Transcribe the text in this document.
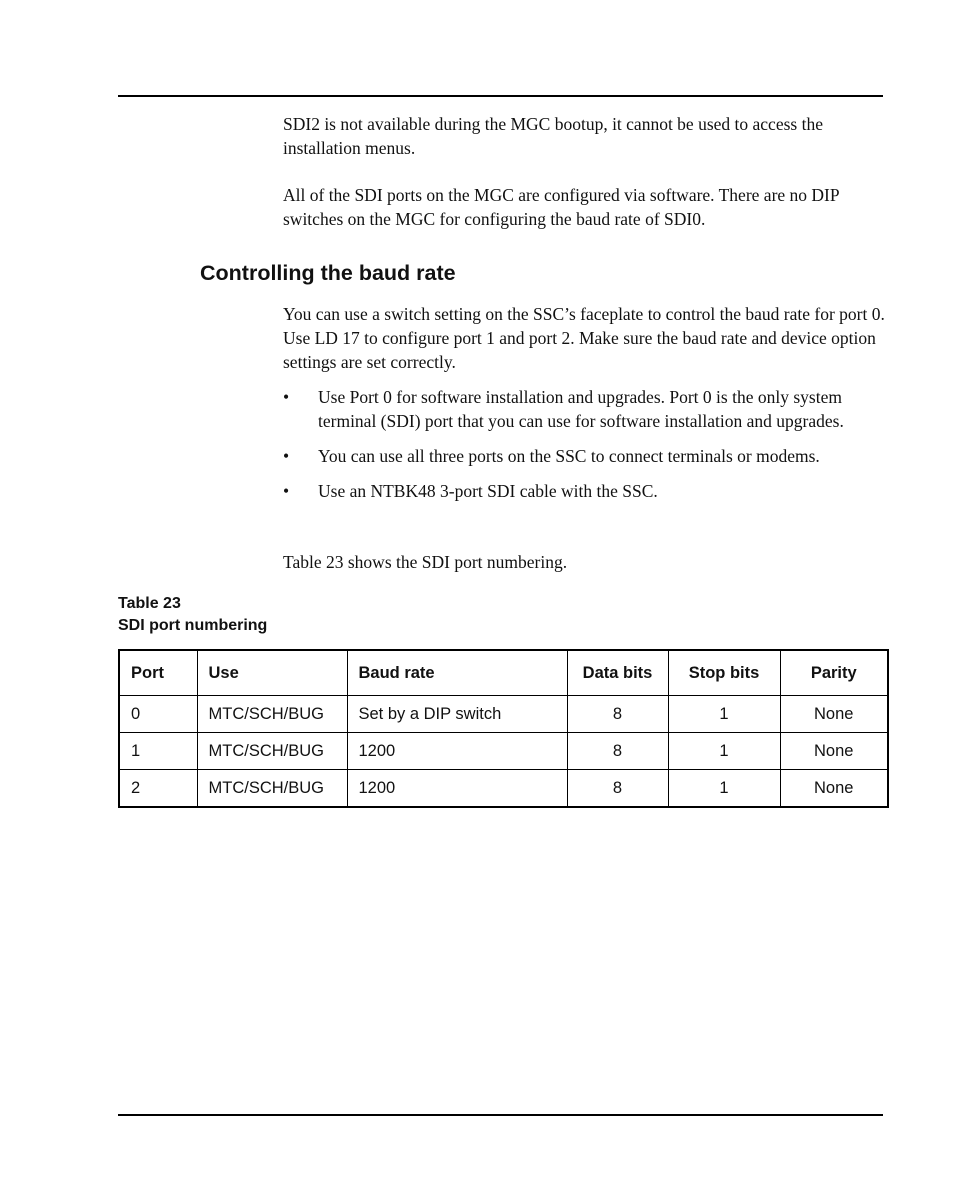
SDI2 is not available during the MGC bootup, it cannot be used to access the installation menus.

All of the SDI ports on the MGC are configured via software. There are no DIP switches on the MGC for configuring the baud rate of SDI0.

Controlling the baud rate

You can use a switch setting on the SSC’s faceplate to control the baud rate for port 0. Use LD 17 to configure port 1 and port 2. Make sure the baud rate and device option settings are set correctly.

• Use Port 0 for software installation and upgrades. Port 0 is the only system terminal (SDI) port that you can use for software installation and upgrades.
• You can use all three ports on the SSC to connect terminals or modems.
• Use an NTBK48 3-port SDI cable with the SSC.

Table 23 shows the SDI port numbering.

Table 23
SDI port numbering
Port	Use	Baud rate	Data bits	Stop bits	Parity
0	MTC/SCH/BUG	Set by a DIP switch	8	1	None
1	MTC/SCH/BUG	1200	8	1	None
2	MTC/SCH/BUG	1200	8	1	None
